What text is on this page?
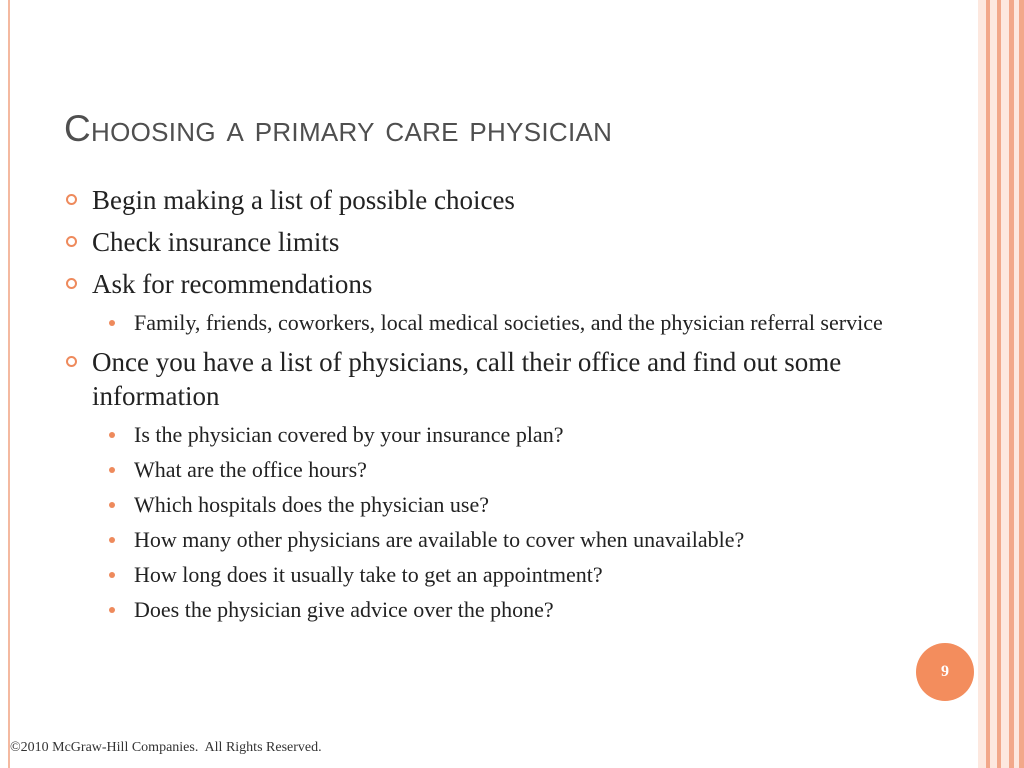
Choosing a primary care physician
Begin making a list of possible choices
Check insurance limits
Ask for recommendations
Family, friends, coworkers, local medical societies, and the physician referral service
Once you have a list of physicians, call their office and find out some information
Is the physician covered by your insurance plan?
What are the office hours?
Which hospitals does the physician use?
How many other physicians are available to cover when unavailable?
How long does it usually take to get an appointment?
Does the physician give advice over the phone?
9
©2010 McGraw-Hill Companies.  All Rights Reserved.
